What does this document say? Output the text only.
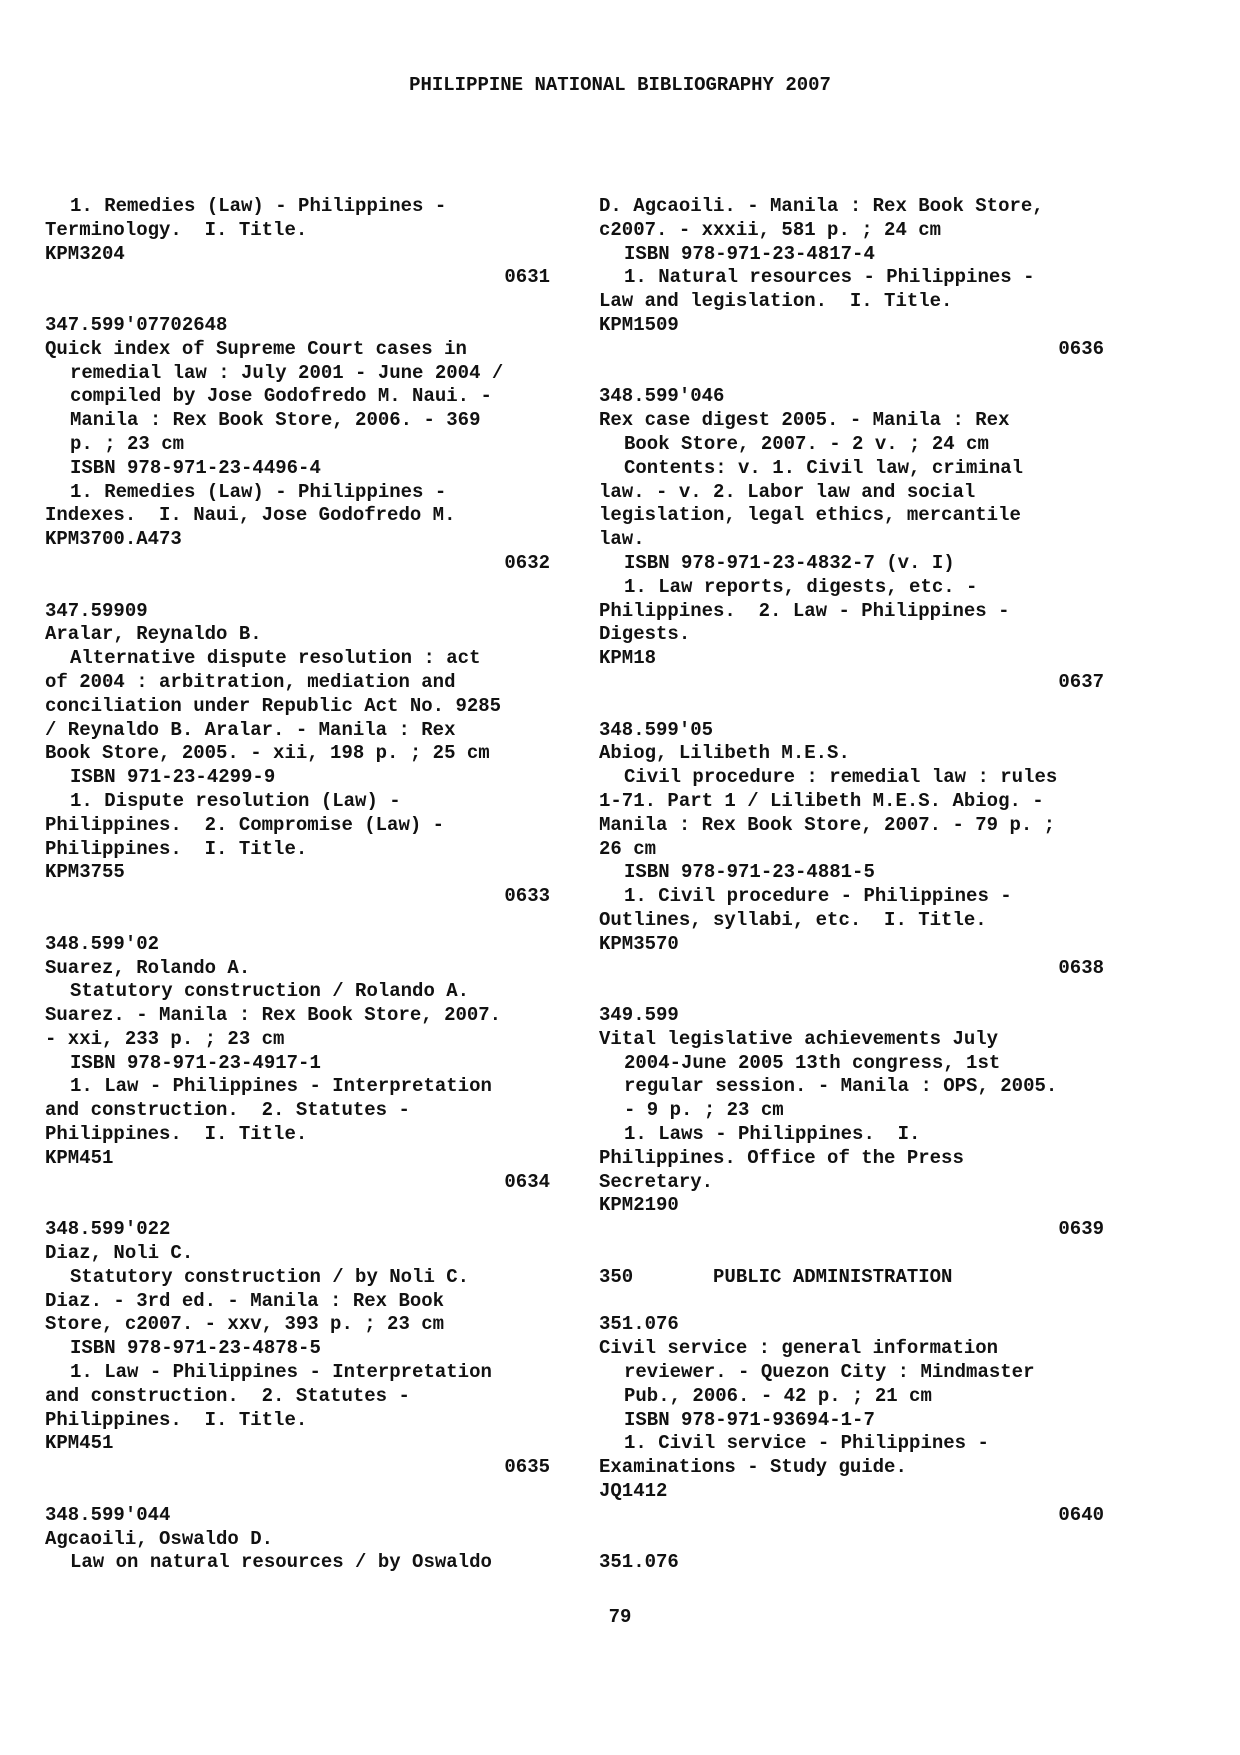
PHILIPPINE NATIONAL BIBLIOGRAPHY 2007
1. Remedies (Law) - Philippines -
Terminology.  I. Title.
KPM3204
0631
347.599'07702648
Quick index of Supreme Court cases in
remedial law : July 2001 - June 2004 /
compiled by Jose Godofredo M. Naui. -
Manila : Rex Book Store, 2006. - 369
p. ; 23 cm
ISBN 978-971-23-4496-4
1. Remedies (Law) - Philippines -
Indexes.  I. Naui, Jose Godofredo M.
KPM3700.A473
0632
347.59909
Aralar, Reynaldo B.
Alternative dispute resolution : act
of 2004 : arbitration, mediation and
conciliation under Republic Act No. 9285
/ Reynaldo B. Aralar. - Manila : Rex
Book Store, 2005. - xii, 198 p. ; 25 cm
ISBN 971-23-4299-9
1. Dispute resolution (Law) -
Philippines.  2. Compromise (Law) -
Philippines.  I. Title.
KPM3755
0633
348.599'02
Suarez, Rolando A.
Statutory construction / Rolando A.
Suarez. - Manila : Rex Book Store, 2007.
- xxi, 233 p. ; 23 cm
ISBN 978-971-23-4917-1
1. Law - Philippines - Interpretation
and construction.  2. Statutes -
Philippines.  I. Title.
KPM451
0634
348.599'022
Diaz, Noli C.
Statutory construction / by Noli C.
Diaz. - 3rd ed. - Manila : Rex Book
Store, c2007. - xxv, 393 p. ; 23 cm
ISBN 978-971-23-4878-5
1. Law - Philippines - Interpretation
and construction.  2. Statutes -
Philippines.  I. Title.
KPM451
0635
348.599'044
Agcaoili, Oswaldo D.
Law on natural resources / by Oswaldo
D. Agcaoili. - Manila : Rex Book Store,
c2007. - xxxii, 581 p. ; 24 cm
ISBN 978-971-23-4817-4
1. Natural resources - Philippines -
Law and legislation.  I. Title.
KPM1509
0636
348.599'046
Rex case digest 2005. - Manila : Rex
Book Store, 2007. - 2 v. ; 24 cm
Contents: v. 1. Civil law, criminal
law. - v. 2. Labor law and social
legislation, legal ethics, mercantile
law.
ISBN 978-971-23-4832-7 (v. I)
1. Law reports, digests, etc. -
Philippines.  2. Law - Philippines -
Digests.
KPM18
0637
348.599'05
Abiog, Lilibeth M.E.S.
Civil procedure : remedial law : rules
1-71. Part 1 / Lilibeth M.E.S. Abiog. -
Manila : Rex Book Store, 2007. - 79 p. ;
26 cm
ISBN 978-971-23-4881-5
1. Civil procedure - Philippines -
Outlines, syllabi, etc.  I. Title.
KPM3570
0638
349.599
Vital legislative achievements July
2004-June 2005 13th congress, 1st
regular session. - Manila : OPS, 2005.
- 9 p. ; 23 cm
1. Laws - Philippines.  I.
Philippines. Office of the Press
Secretary.
KPM2190
0639
350       PUBLIC ADMINISTRATION
351.076
Civil service : general information
reviewer. - Quezon City : Mindmaster
Pub., 2006. - 42 p. ; 21 cm
ISBN 978-971-93694-1-7
1. Civil service - Philippines -
Examinations - Study guide.
JQ1412
0640
351.076
79
